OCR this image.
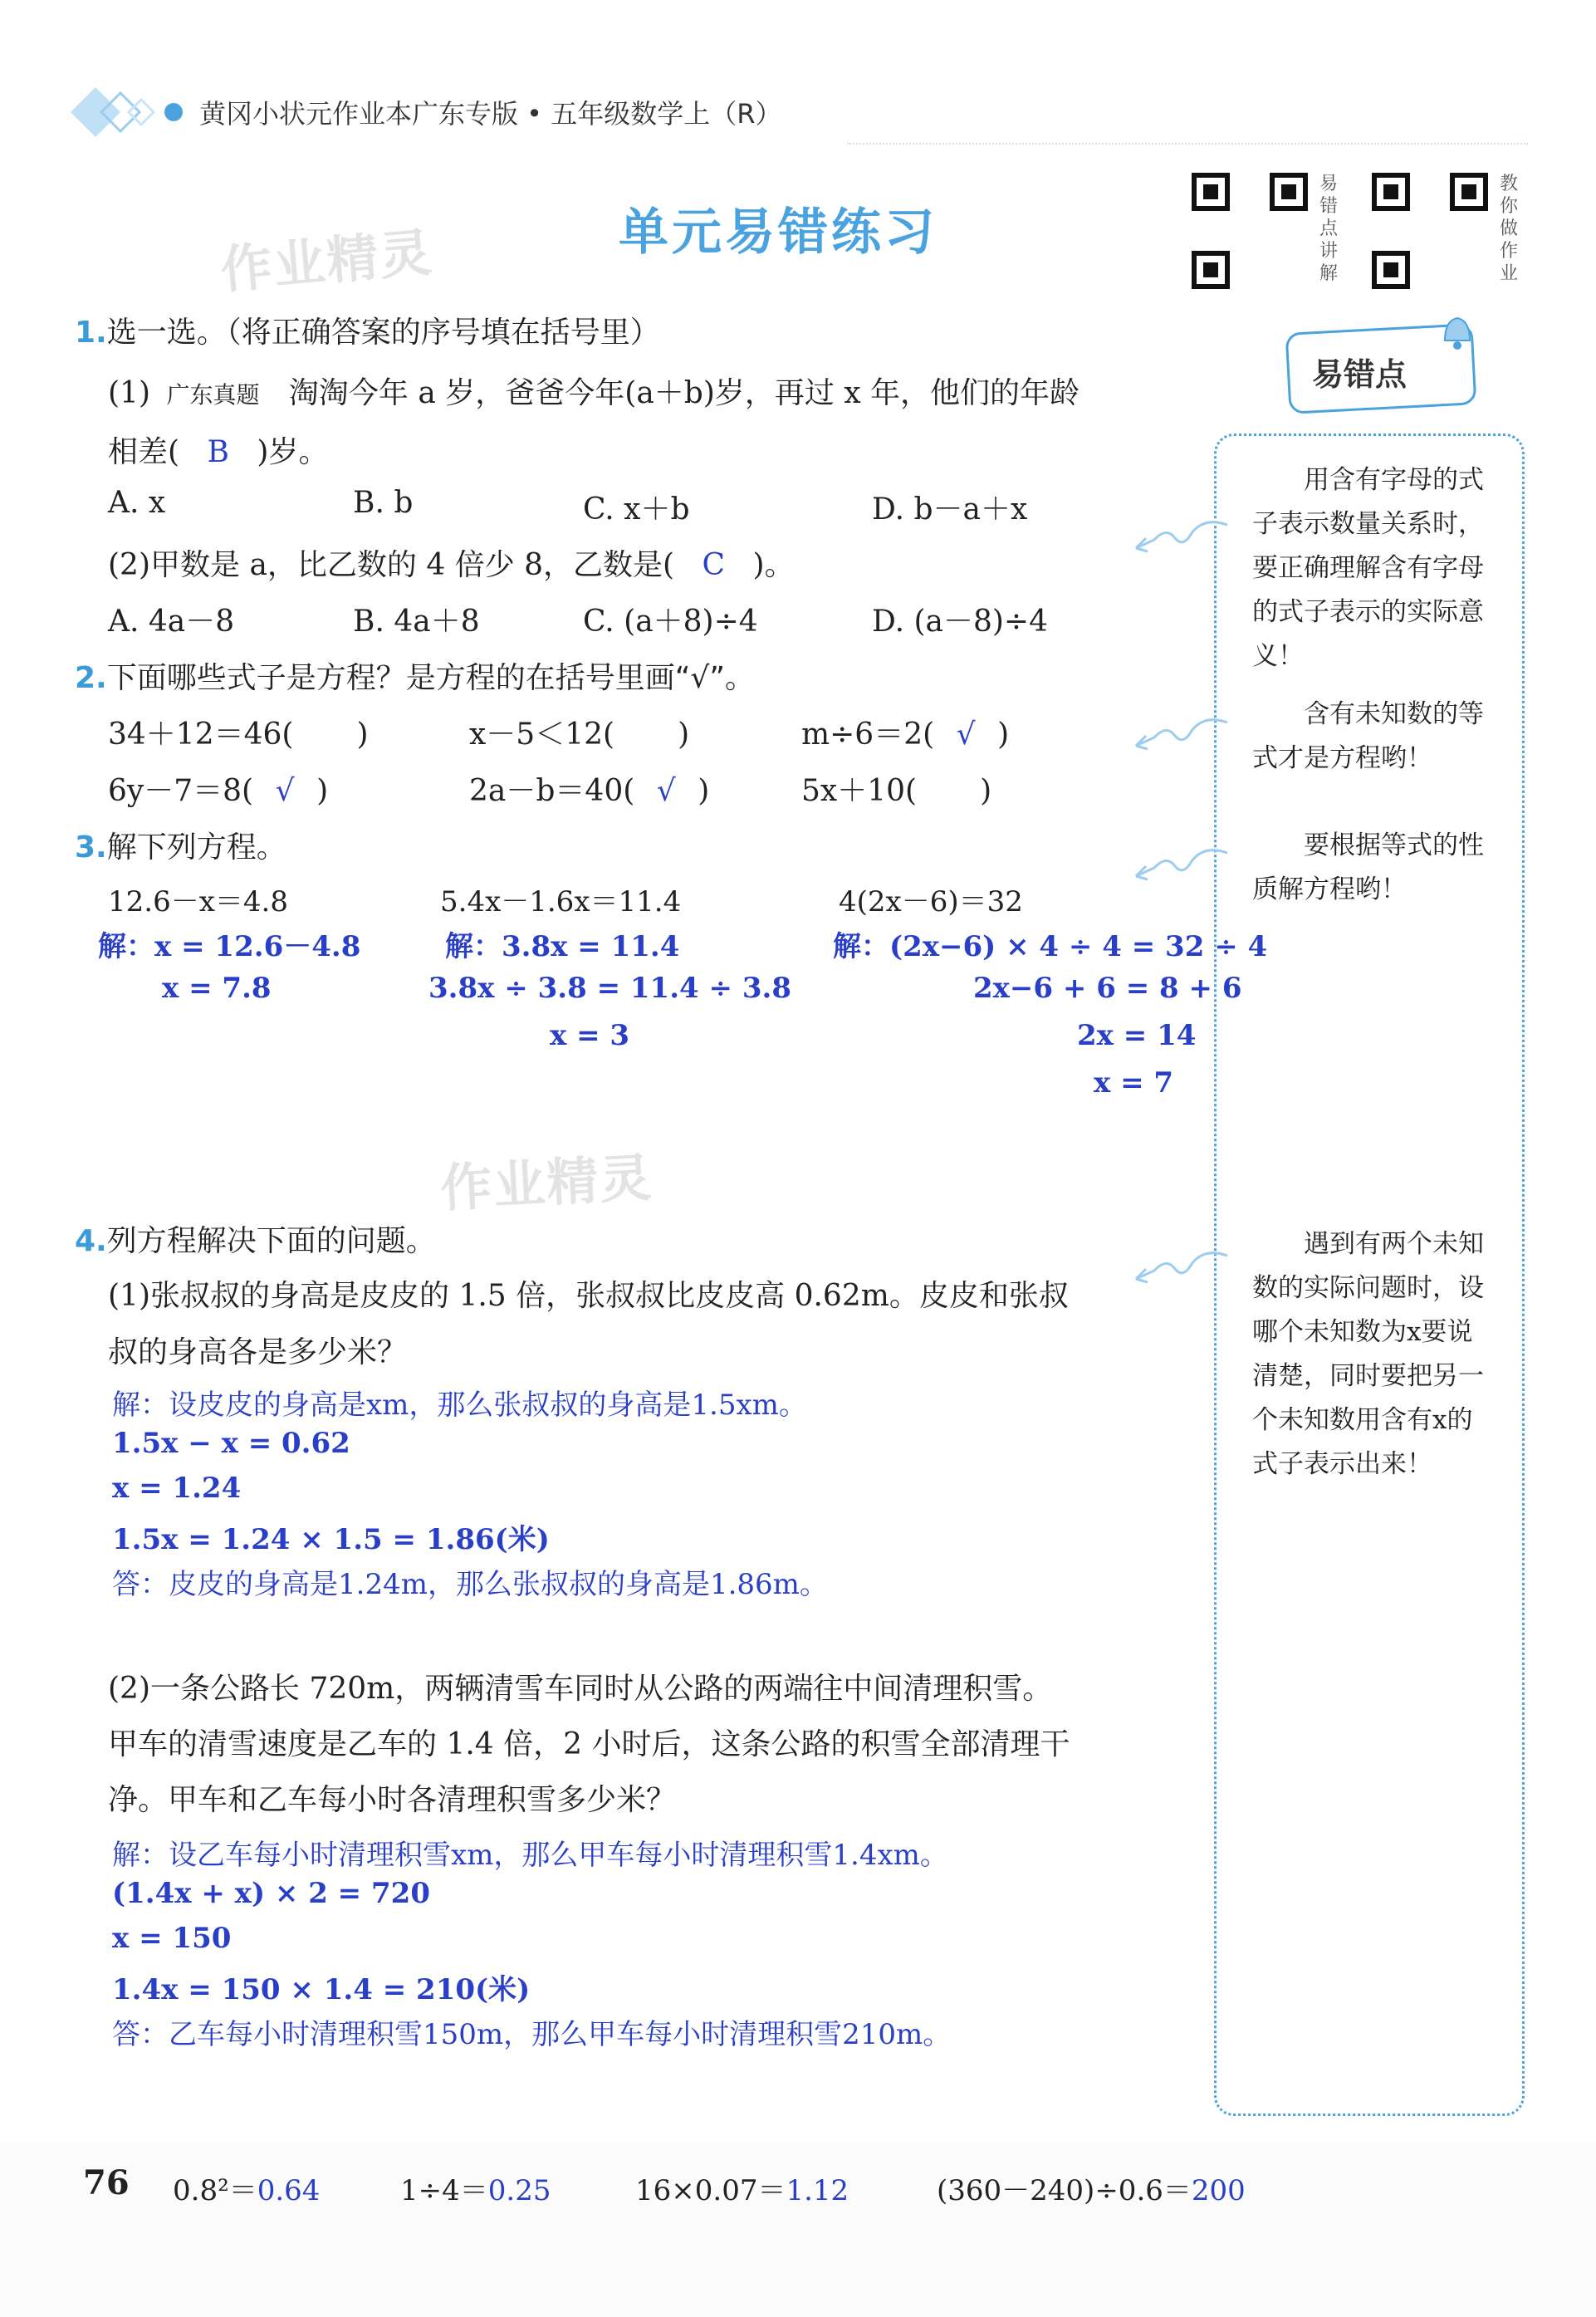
黄冈小状元作业本广东专版 • 五年级数学上（R）
作业精灵
作业精灵
单元易错练习
易错点讲解
教你做作业
易错点
用含有字母的式子表示数量关系时，要正确理解含有字母的式子表示的实际意义！
含有未知数的等式才是方程哟！
要根据等式的性质解方程哟！
遇到有两个未知数的实际问题时，设哪个未知数为x要说清楚，同时要把另一个未知数用含有x的式子表示出来！
1.选一选。（将正确答案的序号填在括号里）
(1) 广东真题 淘淘今年 a 岁，爸爸今年(a＋b)岁，再过 x 年，他们的年龄
相差( B )岁。
A. x	B. b	C. x＋b	D. b－a＋x
(2)甲数是 a，比乙数的 4 倍少 8，乙数是( C )。
A. 4a－8	B. 4a＋8	C. (a＋8)÷4	D. (a－8)÷4
2.下面哪些式子是方程？是方程的在括号里画“√”。
34＋12＝46( )	x－5＜12( )	m÷6＝2( √ )
6y－7＝8( √ )	2a－b＝40( √ )	5x＋10( )
3.解下列方程。
12.6－x＝4.8	5.4x－1.6x＝11.4	4(2x－6)＝32
解：x = 12.6－4.8
x = 7.8
解：3.8x = 11.4
3.8x ÷ 3.8 = 11.4 ÷ 3.8
x = 3
解：(2x−6) × 4 ÷ 4 = 32 ÷ 4
2x−6 + 6 = 8 + 6
2x = 14
x = 7
4.列方程解决下面的问题。
(1)张叔叔的身高是皮皮的 1.5 倍，张叔叔比皮皮高 0.62m。皮皮和张叔
叔的身高各是多少米？
解：设皮皮的身高是xm，那么张叔叔的身高是1.5xm。
1.5x − x = 0.62
x = 1.24
1.5x = 1.24 × 1.5 = 1.86(米)
答：皮皮的身高是1.24m，那么张叔叔的身高是1.86m。
(2)一条公路长 720m，两辆清雪车同时从公路的两端往中间清理积雪。
甲车的清雪速度是乙车的 1.4 倍，2 小时后，这条公路的积雪全部清理干
净。甲车和乙车每小时各清理积雪多少米？
解：设乙车每小时清理积雪xm，那么甲车每小时清理积雪1.4xm。
(1.4x + x) × 2 = 720
x = 150
1.4x = 150 × 1.4 = 210(米)
答：乙车每小时清理积雪150m，那么甲车每小时清理积雪210m。
76 0.8²＝0.64	1÷4＝0.25	16×0.07＝1.12	(360－240)÷0.6＝200
